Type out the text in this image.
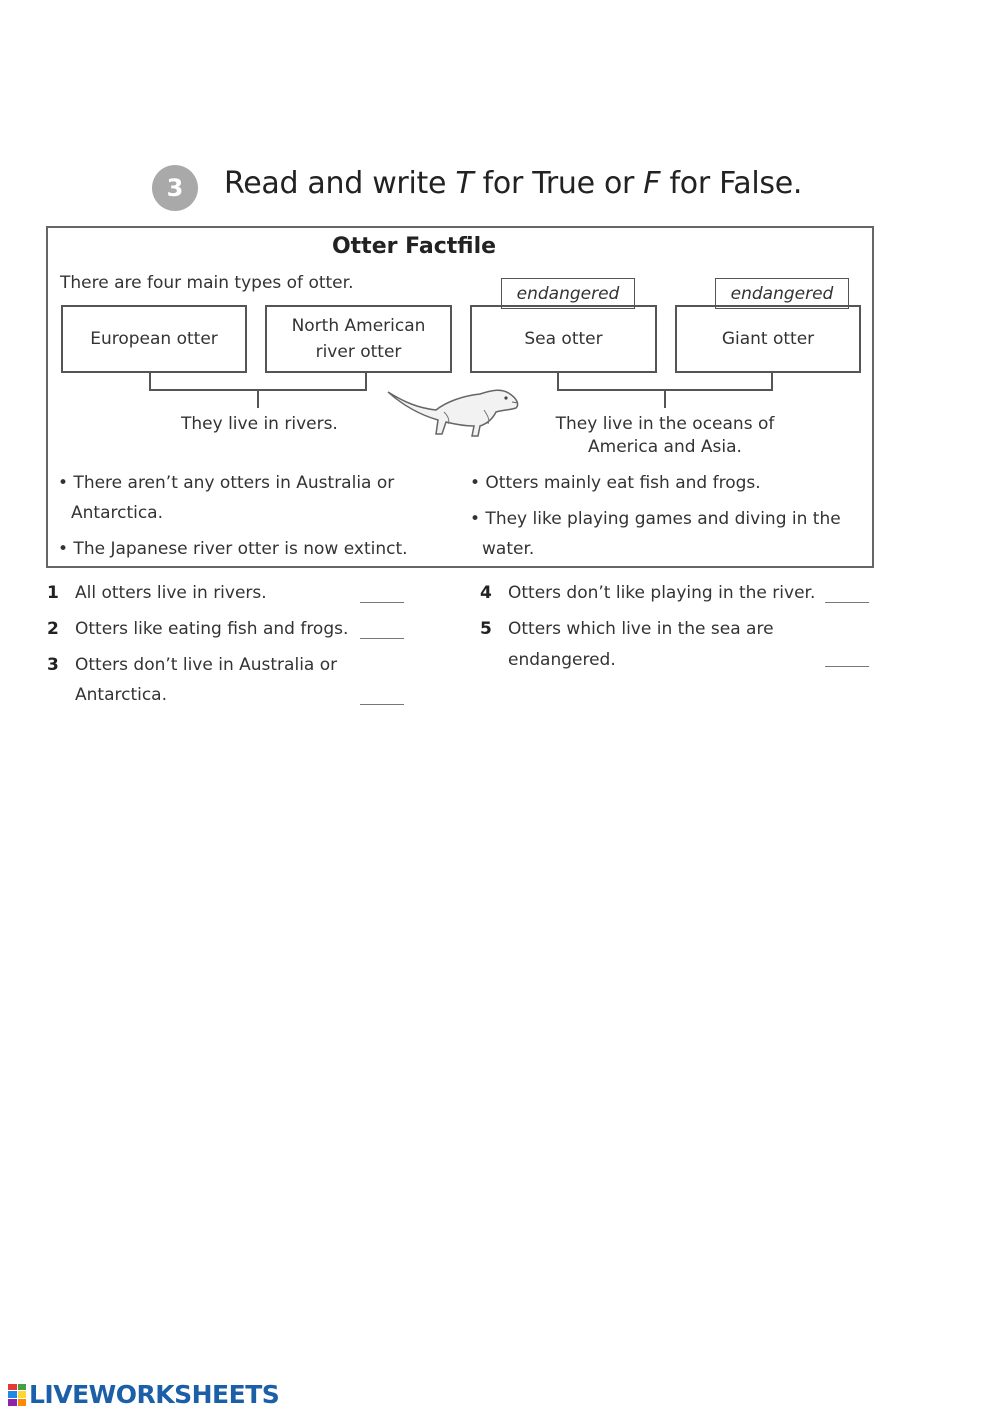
3	Read and write T for True or F for False.
Otter Factfile
There are four main types of otter.
endangered	endangered
European otter
North American
river otter
Sea otter	Giant otter
They live in rivers.	They live in the oceans of
America and Asia.
• There aren’t any otters in Australia or
Antarctica.
• The Japanese river otter is now extinct.
• Otters mainly eat fish and frogs.
• They like playing games and diving in the
water.
1 All otters live in rivers.
2 Otters like eating fish and frogs.
3 Otters don’t live in Australia or
Antarctica.
4 Otters don’t like playing in the river.
5 Otters which live in the sea are
endangered.
LIVEWORKSHEETS
